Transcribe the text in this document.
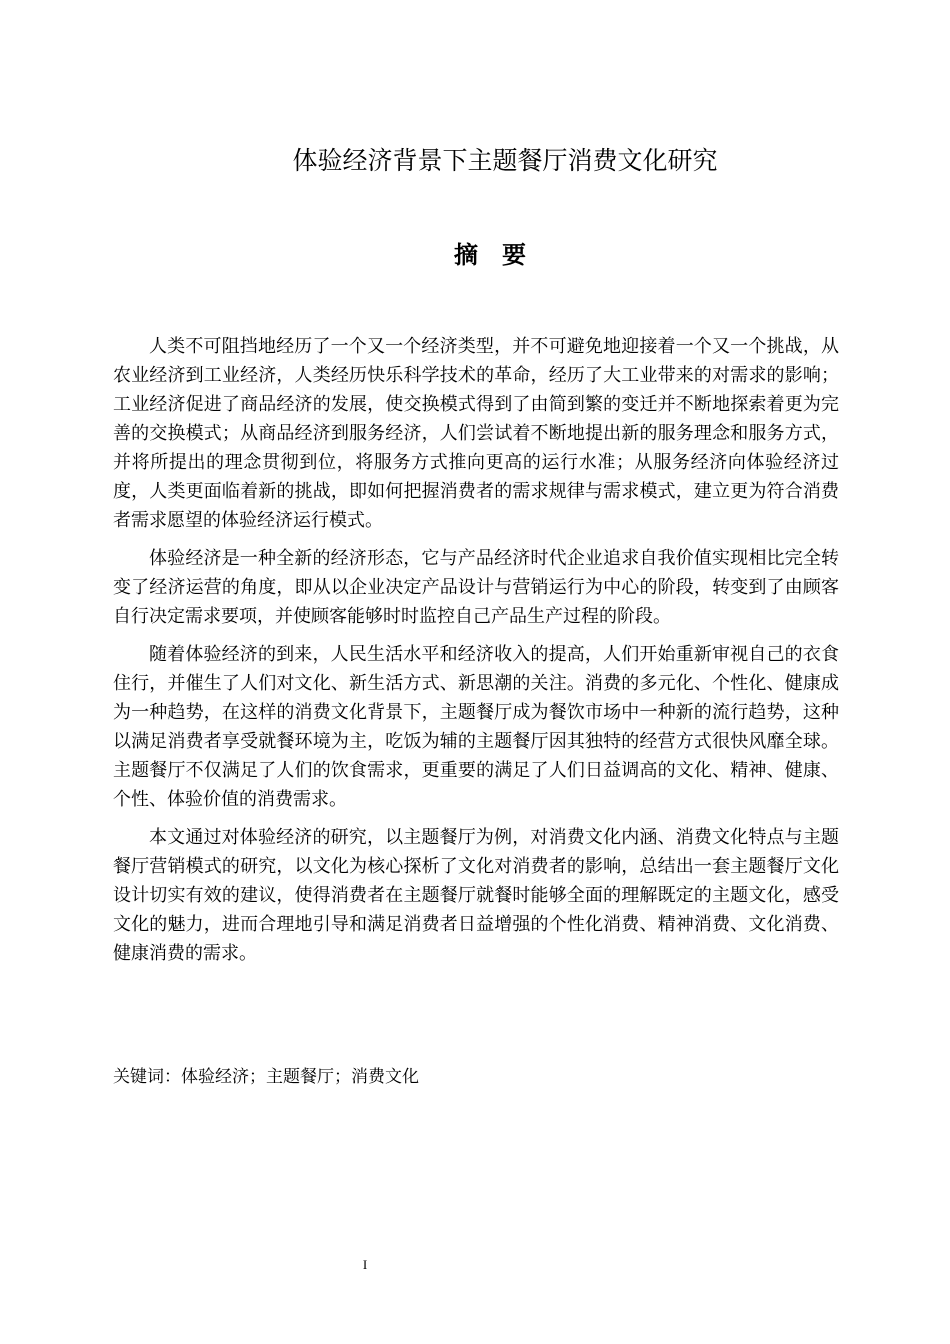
体验经济背景下主题餐厅消费文化研究
摘要

人类不可阻挡地经历了一个又一个经济类型，并不可避免地迎接着一个又一个挑战，从农业经济到工业经济，人类经历快乐科学技术的革命，经历了大工业带来的对需求的影响；工业经济促进了商品经济的发展，使交换模式得到了由简到繁的变迁并不断地探索着更为完善的交换模式；从商品经济到服务经济，人们尝试着不断地提出新的服务理念和服务方式，并将所提出的理念贯彻到位，将服务方式推向更高的运行水准；从服务经济向体验经济过度，人类更面临着新的挑战，即如何把握消费者的需求规律与需求模式，建立更为符合消费者需求愿望的体验经济运行模式。

体验经济是一种全新的经济形态，它与产品经济时代企业追求自我价值实现相比完全转变了经济运营的角度，即从以企业决定产品设计与营销运行为中心的阶段，转变到了由顾客自行决定需求要项，并使顾客能够时时监控自己产品生产过程的阶段。

随着体验经济的到来，人民生活水平和经济收入的提高，人们开始重新审视自己的衣食住行，并催生了人们对文化、新生活方式、新思潮的关注。消费的多元化、个性化、健康成为一种趋势，在这样的消费文化背景下，主题餐厅成为餐饮市场中一种新的流行趋势，这种以满足消费者享受就餐环境为主，吃饭为辅的主题餐厅因其独特的经营方式很快风靡全球。主题餐厅不仅满足了人们的饮食需求，更重要的满足了人们日益调高的文化、精神、健康、个性、体验价值的消费需求。

本文通过对体验经济的研究，以主题餐厅为例，对消费文化内涵、消费文化特点与主题餐厅营销模式的研究，以文化为核心探析了文化对消费者的影响，总结出一套主题餐厅文化设计切实有效的建议，使得消费者在主题餐厅就餐时能够全面的理解既定的主题文化，感受文化的魅力，进而合理地引导和满足消费者日益增强的个性化消费、精神消费、文化消费、健康消费的需求。

关键词：体验经济；主题餐厅；消费文化
I
